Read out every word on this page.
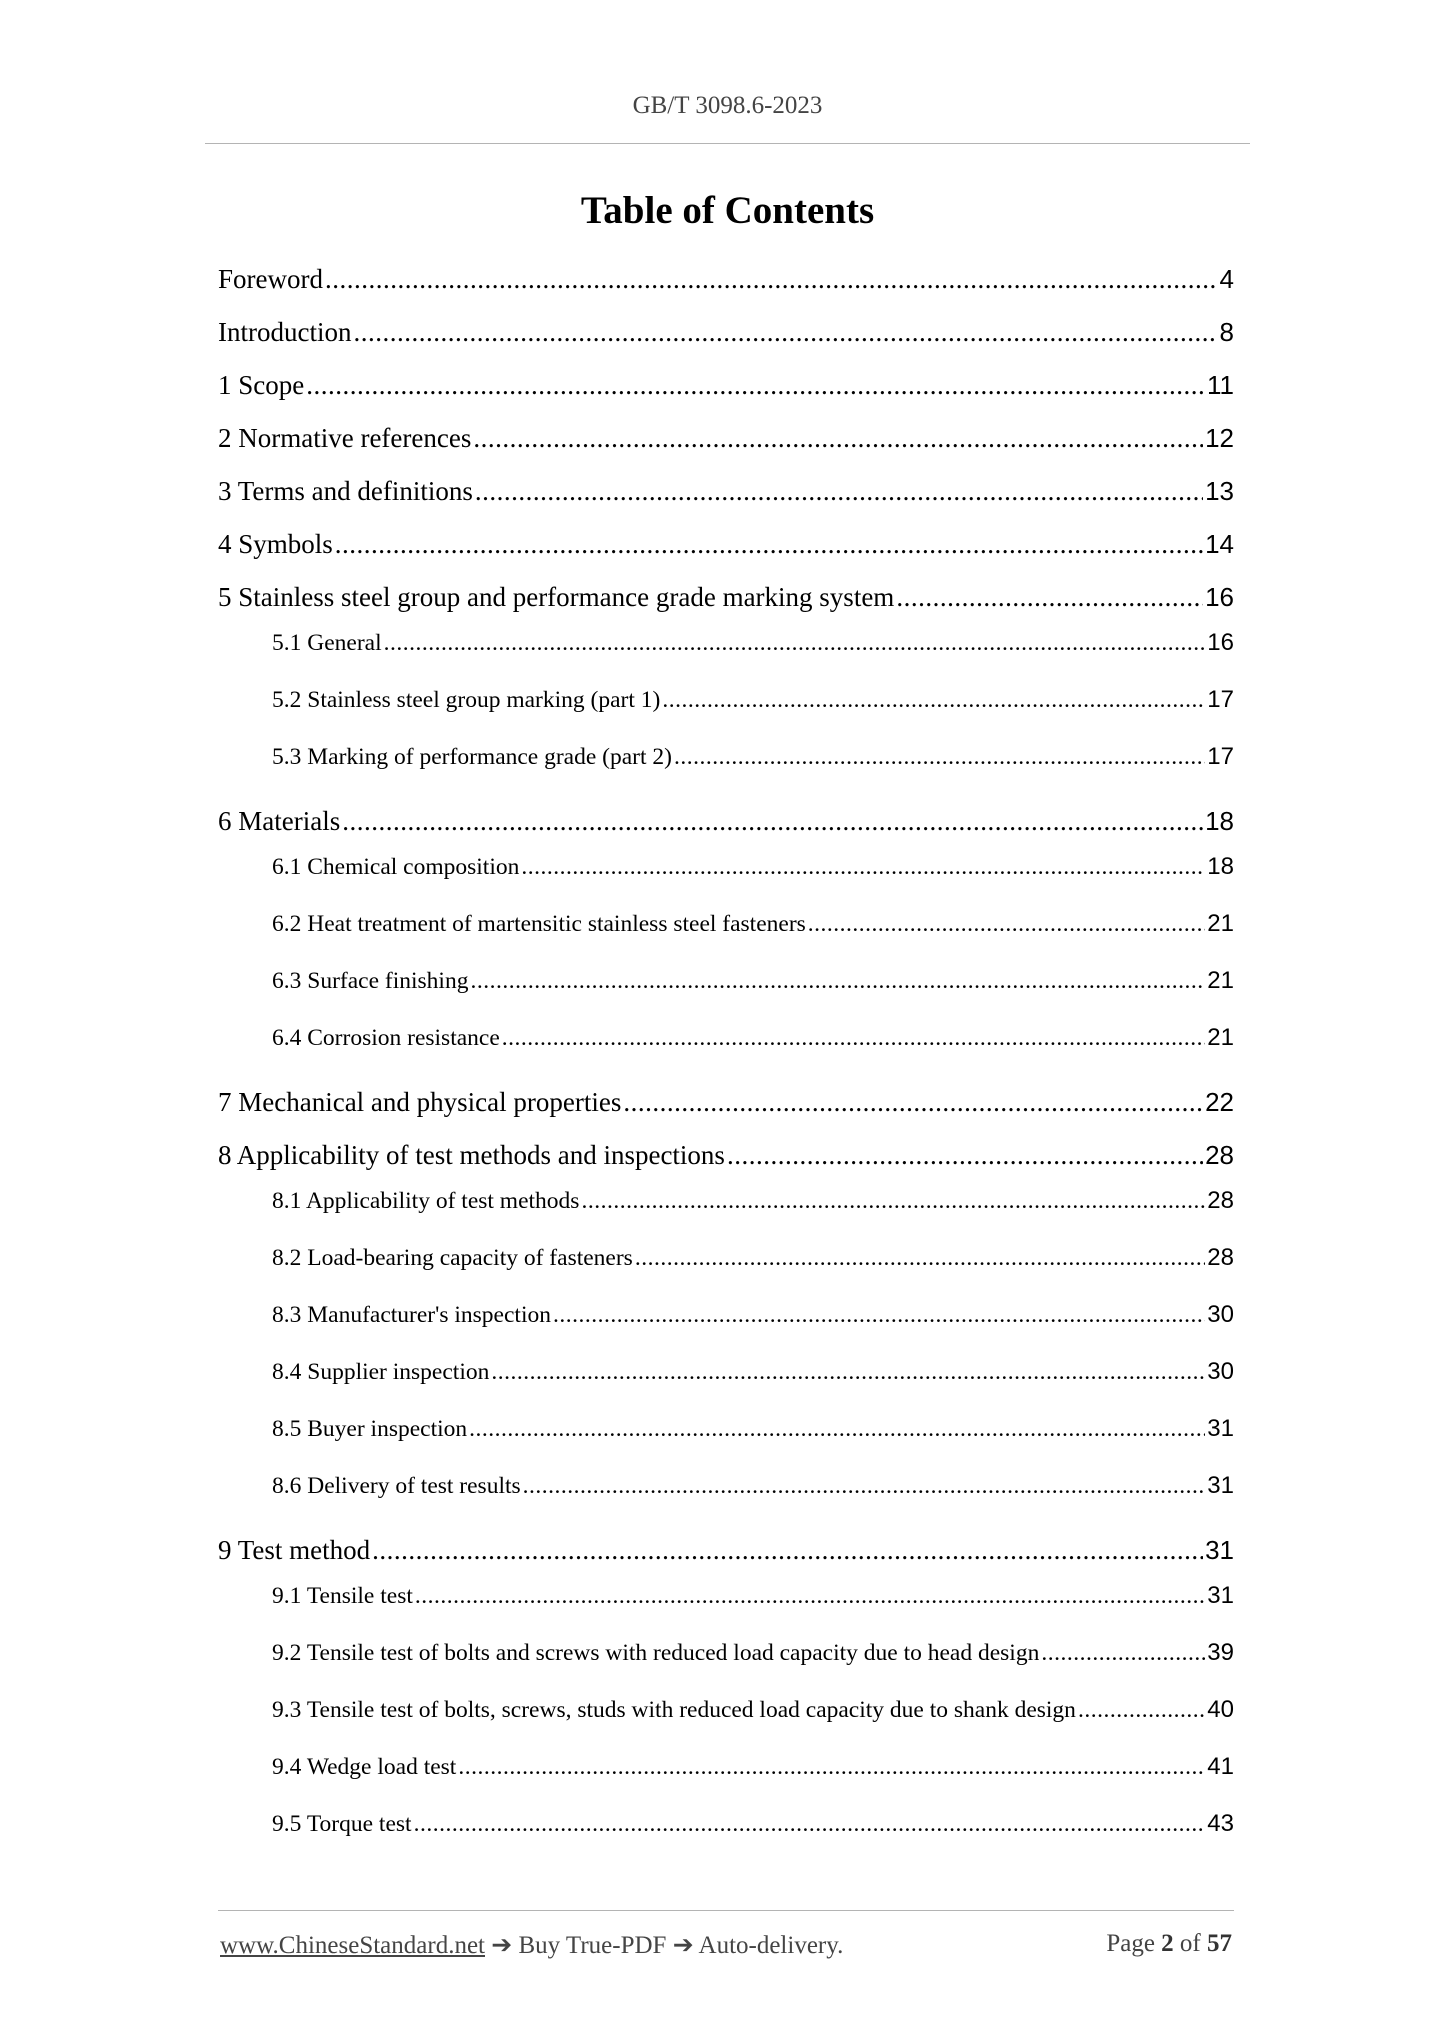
GB/T 3098.6-2023
Table of Contents
Foreword .....	4
Introduction .....	8
1 Scope .....	11
2 Normative references .....	12
3 Terms and definitions .....	13
4 Symbols .....	14
5 Stainless steel group and performance grade marking system .....	16
5.1 General .....	16
5.2 Stainless steel group marking (part 1) .....	17
5.3 Marking of performance grade (part 2) .....	17
6 Materials .....	18
6.1 Chemical composition .....	18
6.2 Heat treatment of martensitic stainless steel fasteners .....	21
6.3 Surface finishing .....	21
6.4 Corrosion resistance .....	21
7 Mechanical and physical properties .....	22
8 Applicability of test methods and inspections .....	28
8.1 Applicability of test methods .....	28
8.2 Load-bearing capacity of fasteners .....	28
8.3 Manufacturer's inspection .....	30
8.4 Supplier inspection .....	30
8.5 Buyer inspection .....	31
8.6 Delivery of test results .....	31
9 Test method .....	31
9.1 Tensile test .....	31
9.2 Tensile test of bolts and screws with reduced load capacity due to head design .....	39
9.3 Tensile test of bolts, screws, studs with reduced load capacity due to shank design .....	40
9.4 Wedge load test .....	41
9.5 Torque test .....	43
www.ChineseStandard.net ➔ Buy True-PDF ➔ Auto-delivery.	Page 2 of 57
